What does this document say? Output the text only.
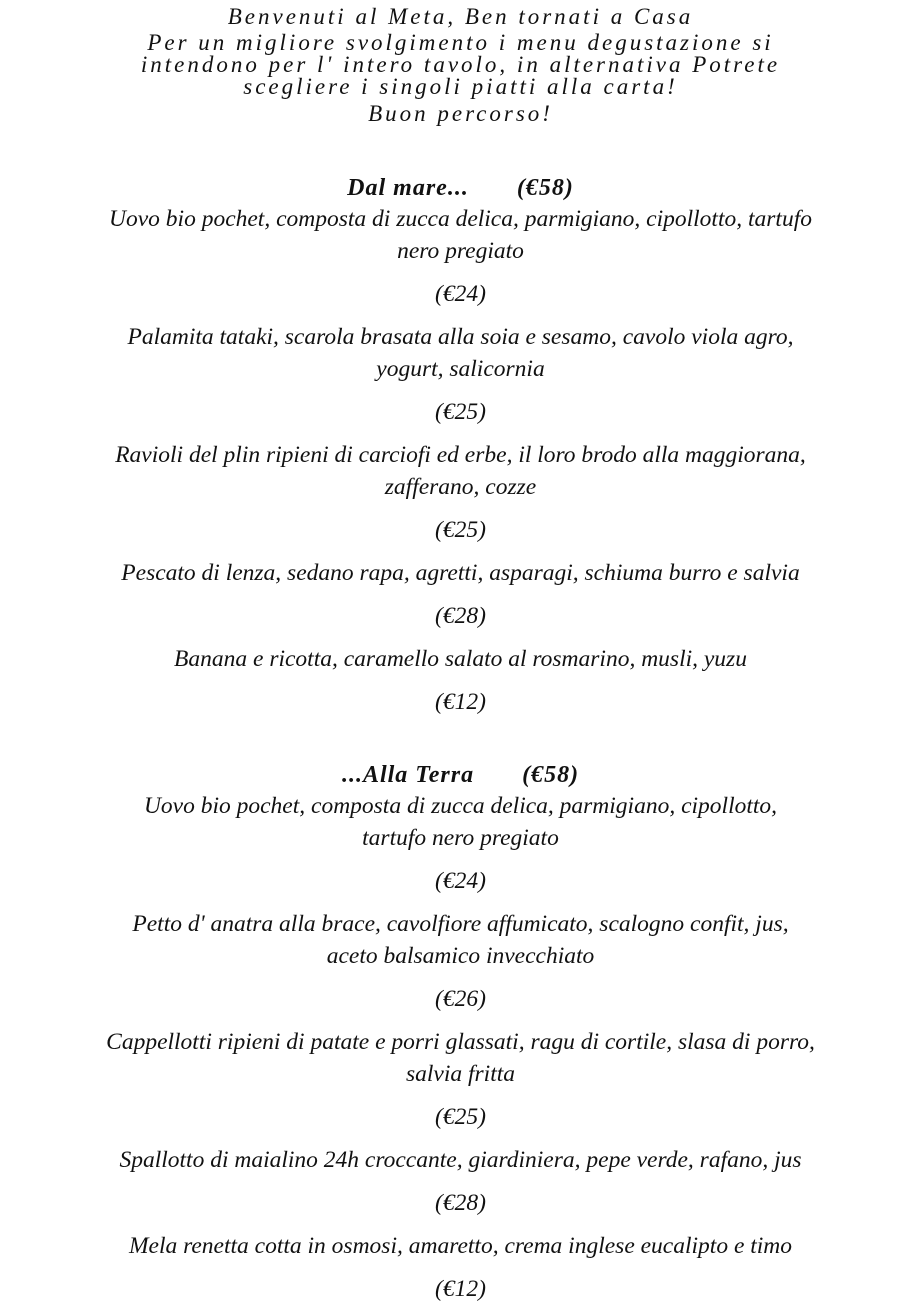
Benvenuti al Meta, Ben tornati a Casa
Per un migliore svolgimento i menu degustazione si
intendono per l' intero tavolo, in alternativa Potrete
scegliere i singoli piatti alla carta!
Buon percorso!
Dal mare... (€58)
Uovo bio pochet, composta di zucca delica, parmigiano, cipollotto, tartufo
nero pregiato
(€24)
Palamita tataki, scarola brasata alla soia e sesamo, cavolo viola agro,
yogurt, salicornia
(€25)
Ravioli del plin ripieni di carciofi ed erbe, il loro brodo alla maggiorana,
zafferano, cozze
(€25)
Pescato di lenza, sedano rapa, agretti, asparagi, schiuma burro e salvia
(€28)
Banana e ricotta, caramello salato al rosmarino, musli, yuzu
(€12)
...Alla Terra (€58)
Uovo bio pochet, composta di zucca delica, parmigiano, cipollotto,
tartufo nero pregiato
(€24)
Petto d' anatra alla brace, cavolfiore affumicato, scalogno confit, jus,
aceto balsamico invecchiato
(€26)
Cappellotti ripieni di patate e porri glassati, ragu di cortile, slasa di porro,
salvia fritta
(€25)
Spallotto di maialino 24h croccante, giardiniera, pepe verde, rafano, jus
(€28)
Mela renetta cotta in osmosi, amaretto, crema inglese eucalipto e timo
(€12)
